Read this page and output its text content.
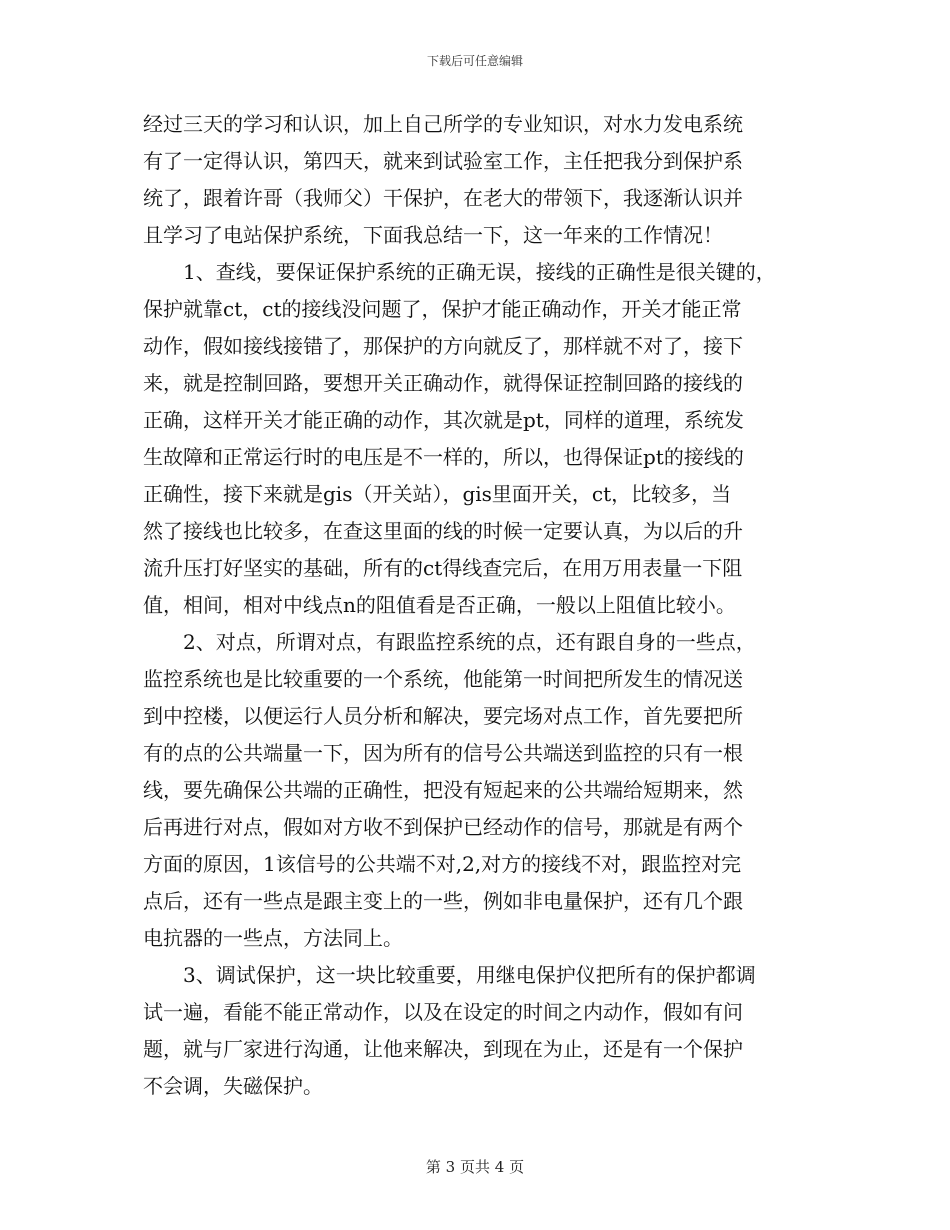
下载后可任意编辑
经过三天的学习和认识，加上自己所学的专业知识，对水力发电系统
有了一定得认识，第四天，就来到试验室工作，主任把我分到保护系
统了，跟着许哥（我师父）干保护，在老大的带领下，我逐渐认识并
且学习了电站保护系统，下面我总结一下，这一年来的工作情况！
　　1、查线，要保证保护系统的正确无误，接线的正确性是很关键的，
保护就靠ct，ct的接线没问题了，保护才能正确动作，开关才能正常
动作，假如接线接错了，那保护的方向就反了，那样就不对了，接下
来，就是控制回路，要想开关正确动作，就得保证控制回路的接线的
正确，这样开关才能正确的动作，其次就是pt，同样的道理，系统发
生故障和正常运行时的电压是不一样的，所以，也得保证pt的接线的
正确性，接下来就是gis（开关站），gis里面开关，ct，比较多，当
然了接线也比较多，在查这里面的线的时候一定要认真，为以后的升
流升压打好坚实的基础，所有的ct得线查完后，在用万用表量一下阻
值，相间，相对中线点n的阻值看是否正确，一般以上阻值比较小。
　　2、对点，所谓对点，有跟监控系统的点，还有跟自身的一些点，
监控系统也是比较重要的一个系统，他能第一时间把所发生的情况送
到中控楼，以便运行人员分析和解决，要完场对点工作，首先要把所
有的点的公共端量一下，因为所有的信号公共端送到监控的只有一根
线，要先确保公共端的正确性，把没有短起来的公共端给短期来，然
后再进行对点，假如对方收不到保护已经动作的信号，那就是有两个
方面的原因，1该信号的公共端不对,2,对方的接线不对，跟监控对完
点后，还有一些点是跟主变上的一些，例如非电量保护，还有几个跟
电抗器的一些点，方法同上。
　　3、调试保护，这一块比较重要，用继电保护仪把所有的保护都调
试一遍，看能不能正常动作，以及在设定的时间之内动作，假如有问
题，就与厂家进行沟通，让他来解决，到现在为止，还是有一个保护
不会调，失磁保护。
第 3 页共 4 页
